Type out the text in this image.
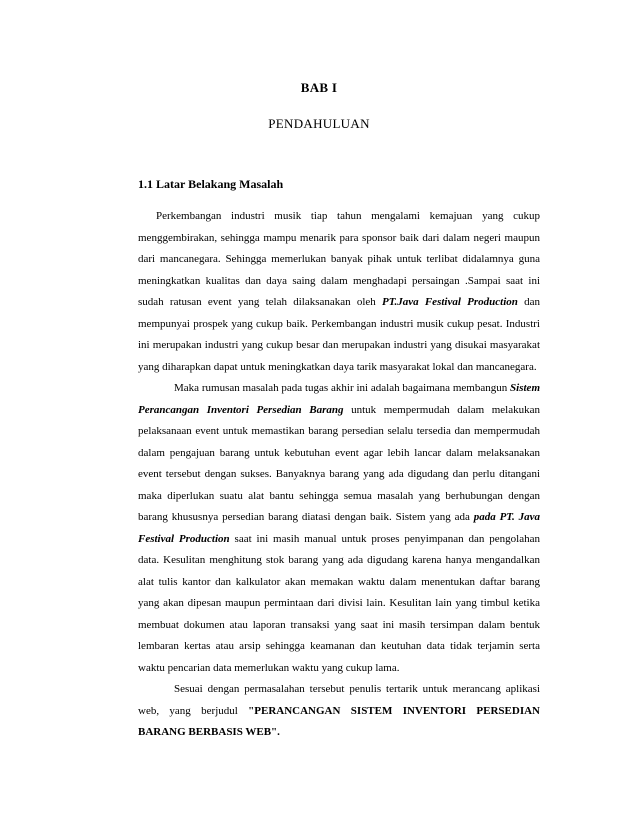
BAB I
PENDAHULUAN
1.1 Latar Belakang Masalah

Perkembangan industri musik tiap tahun mengalami kemajuan yang cukup menggembirakan, sehingga mampu menarik para sponsor baik dari dalam negeri maupun dari mancanegara. Sehingga memerlukan banyak pihak untuk terlibat didalamnya guna meningkatkan kualitas dan daya saing dalam menghadapi persaingan .Sampai saat ini sudah ratusan event yang telah dilaksanakan oleh PT.Java Festival Production dan mempunyai prospek yang cukup baik. Perkembangan industri musik cukup pesat. Industri ini merupakan industri yang cukup besar dan merupakan industri yang disukai masyarakat yang diharapkan dapat untuk meningkatkan daya tarik masyarakat lokal dan mancanegara.

Maka rumusan masalah pada tugas akhir ini adalah bagaimana membangun Sistem Perancangan Inventori Persedian Barang untuk mempermudah dalam melakukan pelaksanaan event untuk memastikan barang persedian selalu tersedia dan mempermudah dalam pengajuan barang untuk kebutuhan event agar lebih lancar dalam melaksanakan event tersebut dengan sukses. Banyaknya barang yang ada digudang dan perlu ditangani maka diperlukan suatu alat bantu sehingga semua masalah yang berhubungan dengan barang khususnya persedian barang diatasi dengan baik. Sistem yang ada pada PT. Java Festival Production saat ini masih manual untuk proses penyimpanan dan pengolahan data. Kesulitan menghitung stok barang yang ada digudang karena hanya mengandalkan alat tulis kantor dan kalkulator akan memakan waktu dalam menentukan daftar barang yang akan dipesan maupun permintaan dari divisi lain. Kesulitan lain yang timbul ketika membuat dokumen atau laporan transaksi yang saat ini masih tersimpan dalam bentuk lembaran kertas atau arsip sehingga keamanan dan keutuhan data tidak terjamin serta waktu pencarian data memerlukan waktu yang cukup lama.

Sesuai dengan permasalahan tersebut penulis tertarik untuk merancang aplikasi web, yang berjudul "PERANCANGAN SISTEM INVENTORI PERSEDIAN BARANG BERBASIS WEB".
